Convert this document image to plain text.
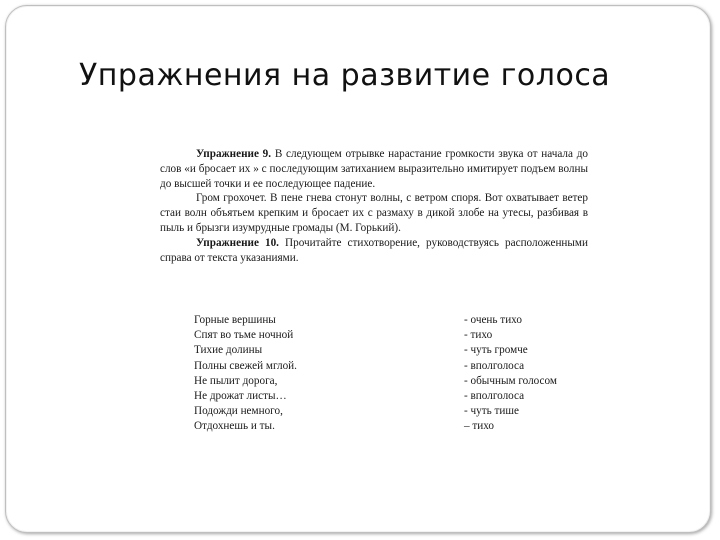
Упражнения на развитие голоса

Упражнение 9. В следующем отрывке нарастание громкости звука от начала до слов «и бросает их » с последующим затиханием выразительно имитирует подъем волны до высшей точки и ее последующее падение.

Гром грохочет. В пене гнева стонут волны, с ветром споря. Вот охватывает ветер стаи волн объятьем крепким и бросает их с размаху в дикой злобе на утесы, разбивая в пыль и брызги изумрудные громады (М. Горький).

Упражнение 10. Прочитайте стихотворение, руководствуясь расположенными справа от текста указаниями.

Горные вершины	- очень тихо
Спят во тьме ночной	- тихо
Тихие долины	- чуть громче
Полны свежей мглой.	- вполголоса
Не пылит дорога,	- обычным голосом
Не дрожат листы…	- вполголоса
Подожди немного,	- чуть тише
Отдохнешь и ты.	– тихо
